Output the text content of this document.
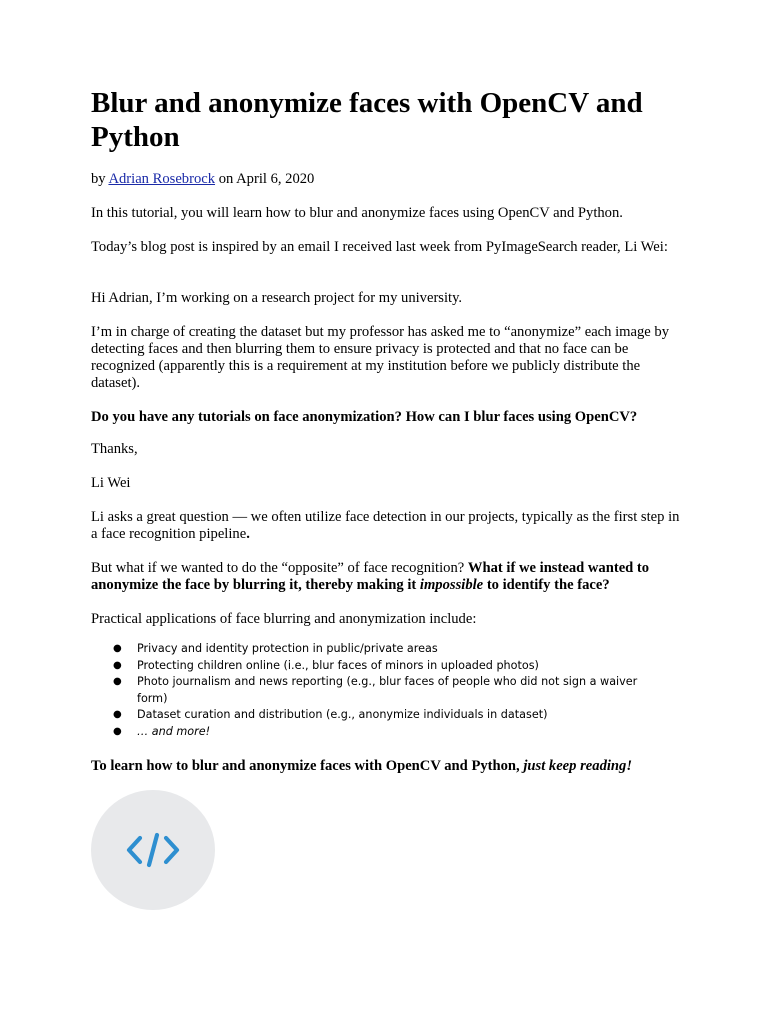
Blur and anonymize faces with OpenCV and Python

by Adrian Rosebrock on April 6, 2020

In this tutorial, you will learn how to blur and anonymize faces using OpenCV and Python.

Today’s blog post is inspired by an email I received last week from PyImageSearch reader, Li Wei:

Hi Adrian, I’m working on a research project for my university.

I’m in charge of creating the dataset but my professor has asked me to “anonymize” each image by detecting faces and then blurring them to ensure privacy is protected and that no face can be recognized (apparently this is a requirement at my institution before we publicly distribute the dataset).

Do you have any tutorials on face anonymization? How can I blur faces using OpenCV?

Thanks,

Li Wei

Li asks a great question — we often utilize face detection in our projects, typically as the first step in a face recognition pipeline.

But what if we wanted to do the “opposite” of face recognition? What if we instead wanted to anonymize the face by blurring it, thereby making it impossible to identify the face?

Practical applications of face blurring and anonymization include:

● Privacy and identity protection in public/private areas
● Protecting children online (i.e., blur faces of minors in uploaded photos)
● Photo journalism and news reporting (e.g., blur faces of people who did not sign a waiver form)
● Dataset curation and distribution (e.g., anonymize individuals in dataset)
● … and more!

To learn how to blur and anonymize faces with OpenCV and Python, just keep reading!
